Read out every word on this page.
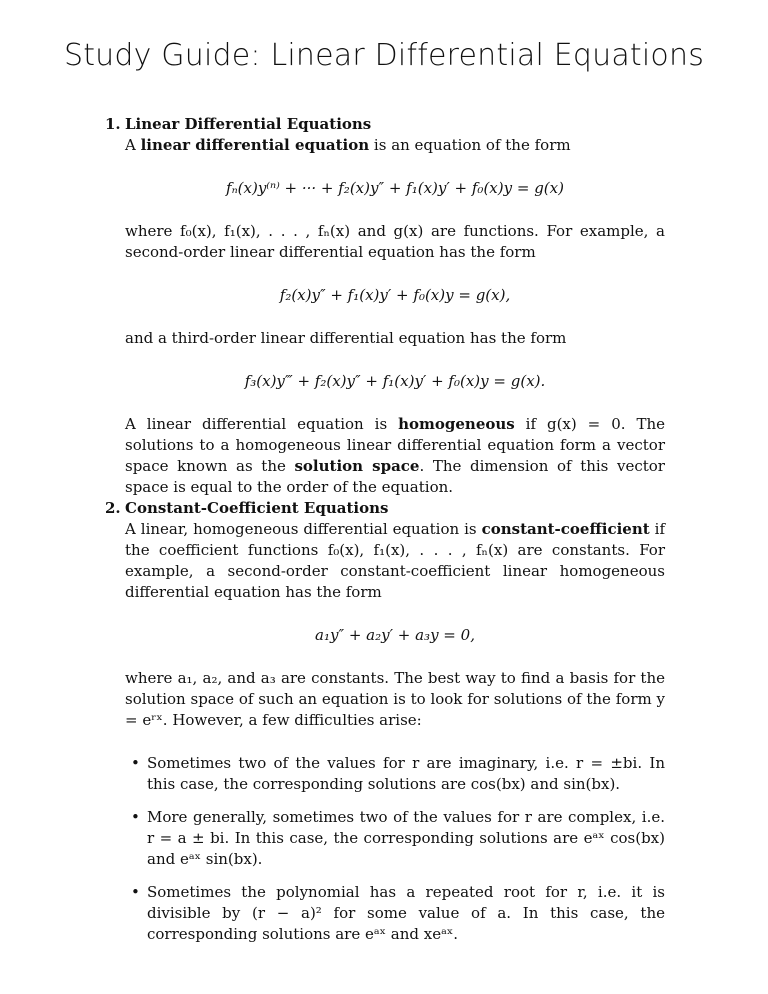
Study Guide: Linear Differential Equations
1. Linear Differential Equations

A linear differential equation is an equation of the form

fₙ(x)y⁽ⁿ⁾ + ··· + f₂(x)y″ + f₁(x)y′ + f₀(x)y = g(x)

where f₀(x), f₁(x), . . . , fₙ(x) and g(x) are functions. For example, a second-order linear differential equation has the form

f₂(x)y″ + f₁(x)y′ + f₀(x)y = g(x),

and a third-order linear differential equation has the form

f₃(x)y‴ + f₂(x)y″ + f₁(x)y′ + f₀(x)y = g(x).

A linear differential equation is homogeneous if g(x) = 0. The solutions to a homogeneous linear differential equation form a vector space known as the solution space. The dimension of this vector space is equal to the order of the equation.

2. Constant-Coefficient Equations

A linear, homogeneous differential equation is constant-coefficient if the coefficient functions f₀(x), f₁(x), . . . , fₙ(x) are constants. For example, a second-order constant-coefficient linear homogeneous differential equation has the form

a₁y″ + a₂y′ + a₃y = 0,

where a₁, a₂, and a₃ are constants. The best way to find a basis for the solution space of such an equation is to look for solutions of the form y = eʳˣ. However, a few difficulties arise:

• Sometimes two of the values for r are imaginary, i.e. r = ±bi. In this case, the corresponding solutions are cos(bx) and sin(bx).
• More generally, sometimes two of the values for r are complex, i.e. r = a ± bi. In this case, the corresponding solutions are eᵃˣ cos(bx) and eᵃˣ sin(bx).
• Sometimes the polynomial has a repeated root for r, i.e. it is divisible by (r − a)² for some value of a. In this case, the corresponding solutions are eᵃˣ and xeᵃˣ.
